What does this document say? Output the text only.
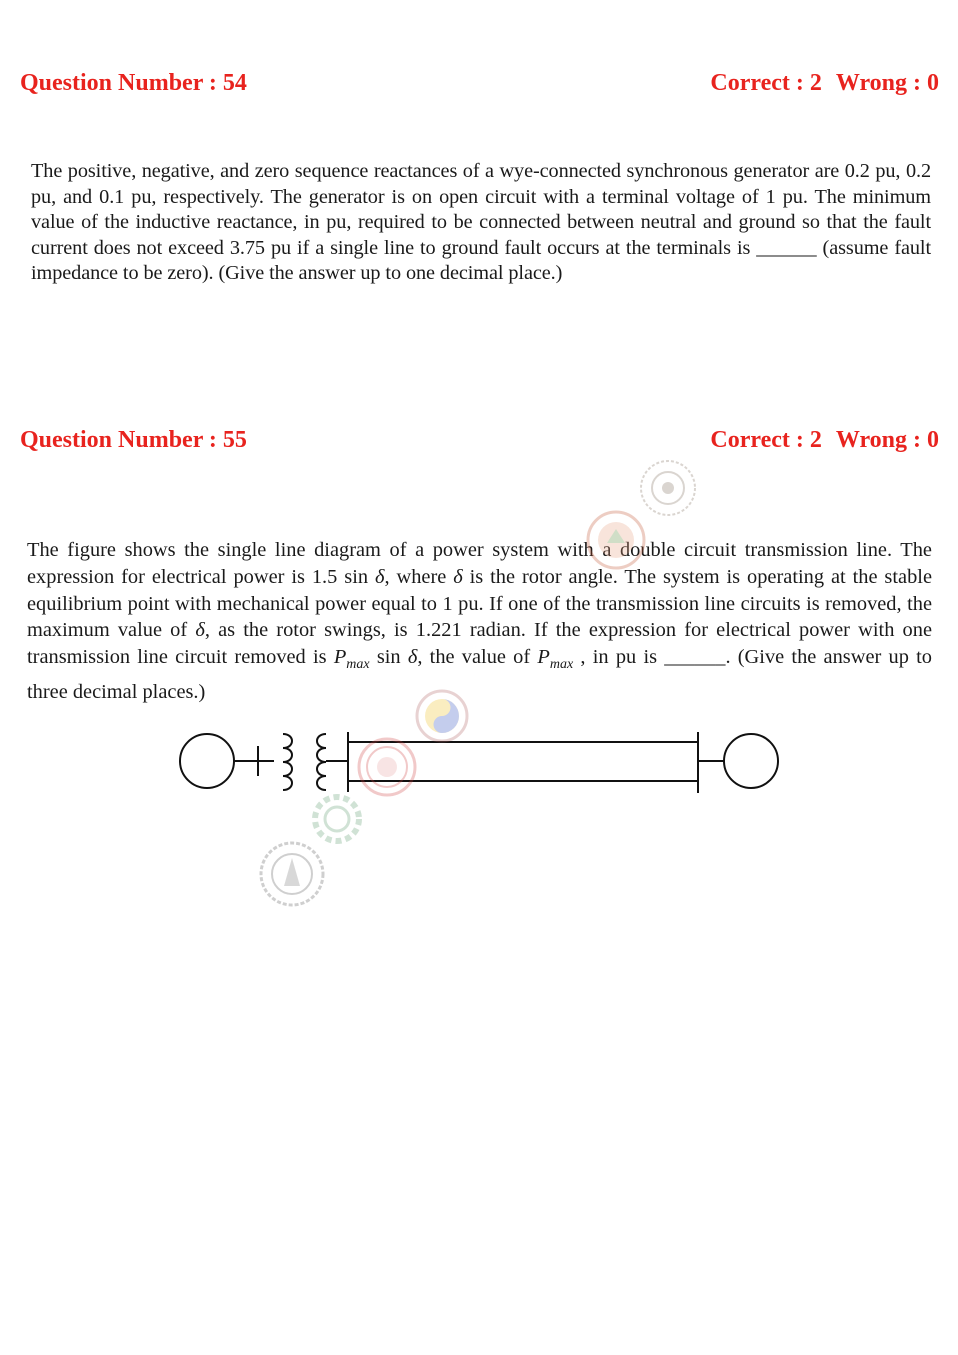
Question Number : 54	Correct : 2 Wrong : 0

The positive, negative, and zero sequence reactances of a wye-connected synchronous generator are 0.2 pu, 0.2 pu, and 0.1 pu, respectively. The generator is on open circuit with a terminal voltage of 1 pu. The minimum value of the inductive reactance, in pu, required to be connected between neutral and ground so that the fault current does not exceed 3.75 pu if a single line to ground fault occurs at the terminals is ______ (assume fault impedance to be zero). (Give the answer up to one decimal place.)

Question Number : 55	Correct : 2 Wrong : 0

The figure shows the single line diagram of a power system with a double circuit transmission line. The expression for electrical power is 1.5 sin δ, where δ is the rotor angle. The system is operating at the stable equilibrium point with mechanical power equal to 1 pu. If one of the transmission line circuits is removed, the maximum value of δ, as the rotor swings, is 1.221 radian. If the expression for electrical power with one transmission line circuit removed is $P_{max}$ sin δ, the value of $P_{max}$ , in pu is ______. (Give the answer up to three decimal places.)
